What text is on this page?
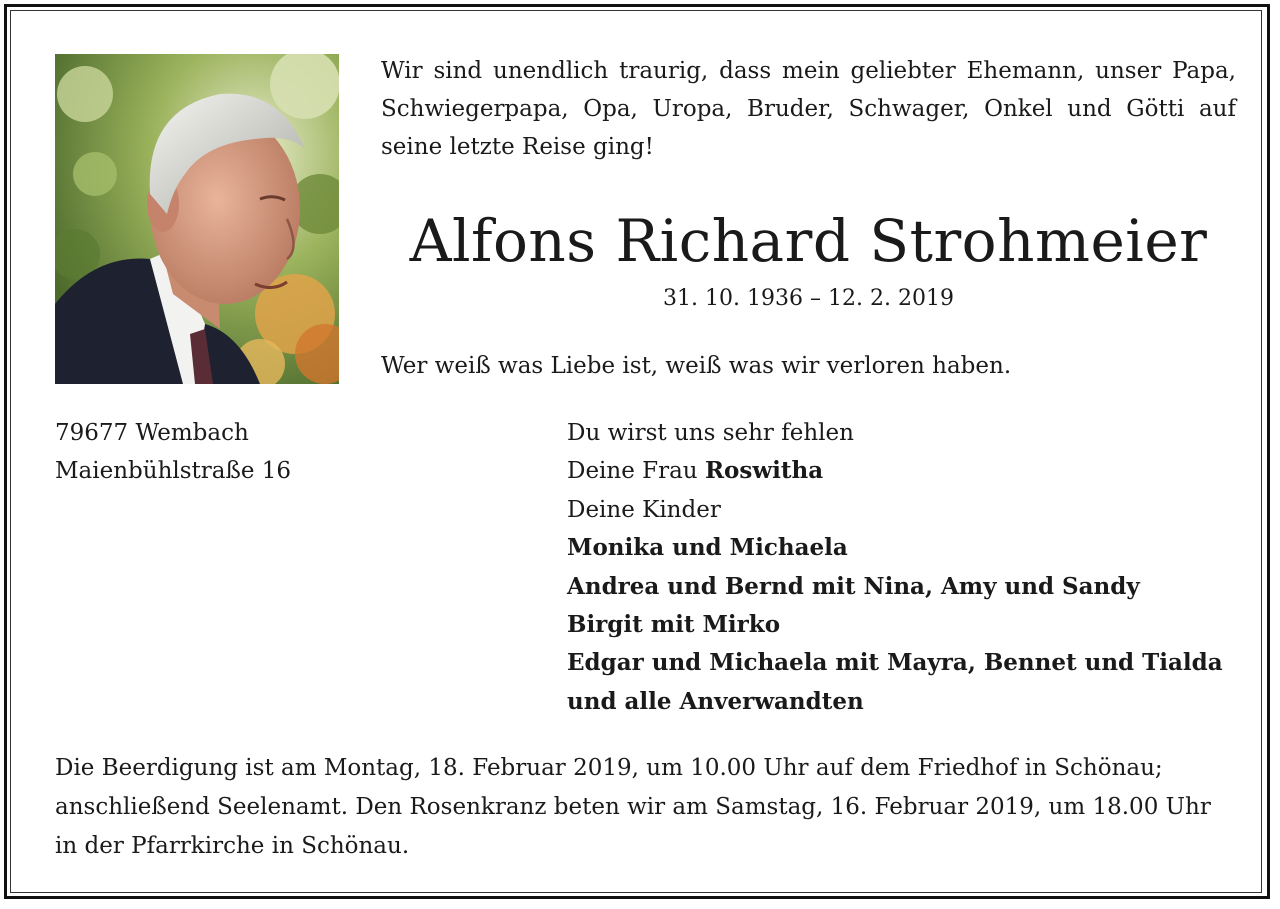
Wir sind unendlich traurig, dass mein geliebter Ehemann, unser Papa, Schwiegerpapa, Opa, Uropa, Bruder, Schwager, Onkel und Götti auf seine letzte Reise ging!

Alfons Richard Strohmeier

31. 10. 1936 – 12. 2. 2019

Wer weiß was Liebe ist, weiß was wir verloren haben.

79677 Wembach
Maienbühlstraße 16
Du wirst uns sehr fehlen
Deine Frau Roswitha
Deine Kinder
Monika und Michaela
Andrea und Bernd mit Nina, Amy und Sandy
Birgit mit Mirko
Edgar und Michaela mit Mayra, Bennet und Tialda
und alle Anverwandten
Die Beerdigung ist am Montag, 18. Februar 2019, um 10.00 Uhr auf dem Friedhof in Schönau;
anschließend Seelenamt. Den Rosenkranz beten wir am Samstag, 16. Februar 2019, um 18.00 Uhr
in der Pfarrkirche in Schönau.
